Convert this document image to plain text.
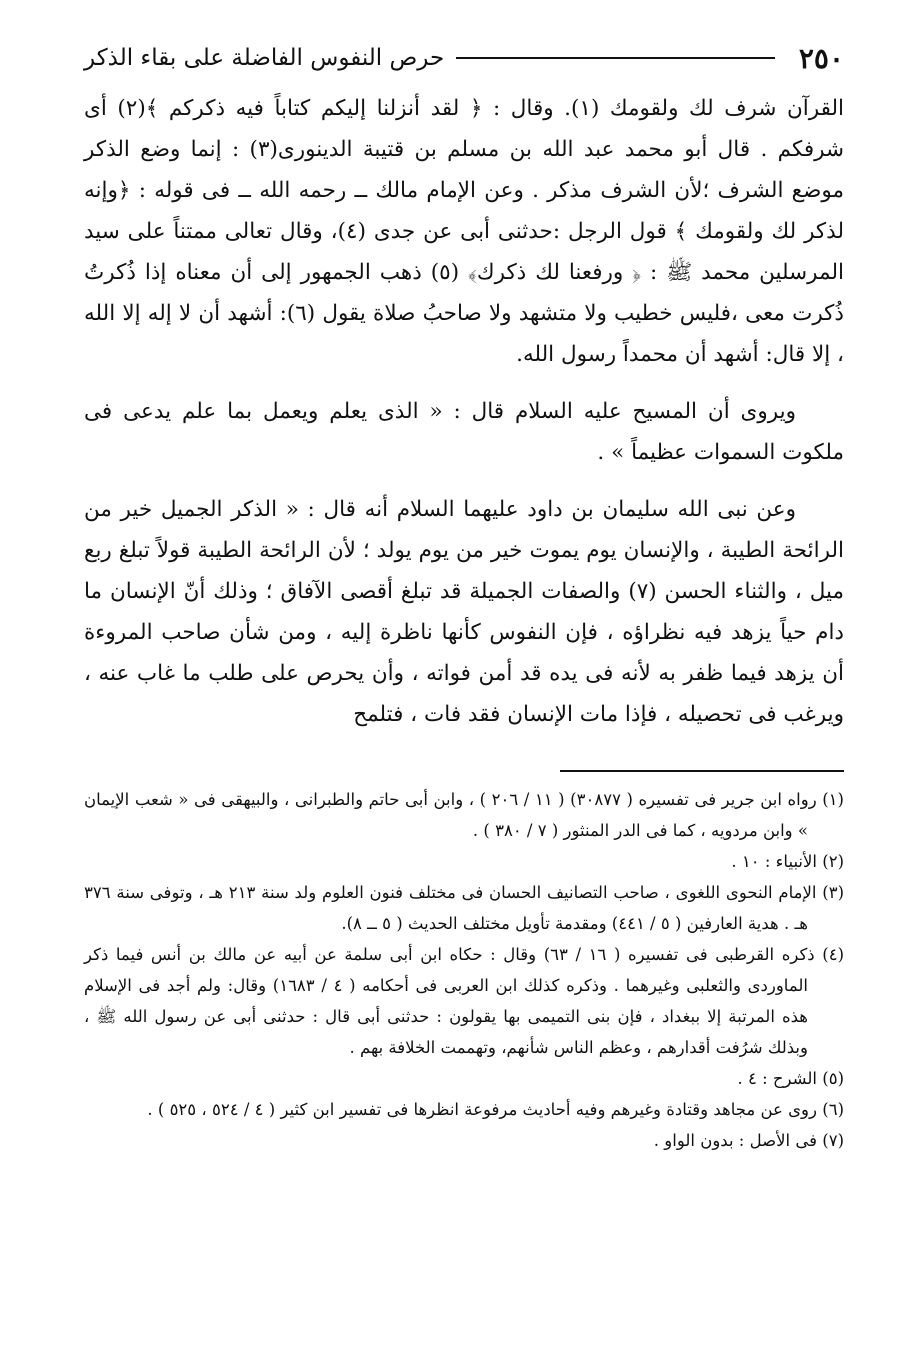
٢٥٠
حرص النفوس الفاضلة على بقاء الذكر

القرآن شرف لك ولقومك (١). وقال : ﴿ لقد أنزلنا إليكم كتاباً فيه ذكركم ﴾(٢) أى شرفكم . قال أبو محمد عبد الله بن مسلم بن قتيبة الدينورى(٣) : إنما وضع الذكر موضع الشرف ؛لأن الشرف مذكر . وعن الإمام مالك ــ رحمه الله ــ فى قوله : ﴿وإنه لذكر لك ولقومك ﴾ قول الرجل :حدثنى أبى عن جدى (٤)، وقال تعالى ممتناً على سيد المرسلين محمد ﷺ : ﴿ ورفعنا لك ذكرك﴾ (٥) ذهب الجمهور إلى أن معناه إذا ذُكرتُ ذُكرت معى ،فليس خطيب ولا متشهد ولا صاحبُ صلاة يقول (٦): أشهد أن لا إله إلا الله ، إلا قال: أشهد أن محمداً رسول الله.

ويروى أن المسيح عليه السلام قال : « الذى يعلم ويعمل بما علم يدعى فى ملكوت السموات عظيماً » .

وعن نبى الله سليمان بن داود عليهما السلام أنه قال : « الذكر الجميل خير من الرائحة الطيبة ، والإنسان يوم يموت خير من يوم يولد ؛ لأن الرائحة الطيبة قولاً تبلغ ربع ميل ، والثناء الحسن (٧) والصفات الجميلة قد تبلغ أقصى الآفاق ؛ وذلك أنّ الإنسان ما دام حياً يزهد فيه نظراؤه ، فإن النفوس كأنها ناظرة إليه ، ومن شأن صاحب المروءة أن يزهد فيما ظفر به لأنه فى يده قد أمن فواته ، وأن يحرص على طلب ما غاب عنه ، ويرغب فى تحصيله ، فإذا مات الإنسان فقد فات ، فتلمح

(١) رواه ابن جرير فى تفسيره ( ٣٠٨٧٧) ( ١١ / ٢٠٦ ) ، وابن أبى حاتم والطبرانى ، والبيهقى فى « شعب الإيمان » وابن مردويه ، كما فى الدر المنثور ( ٧ / ٣٨٠ ) .

(٢) الأنبياء : ١٠ .

(٣) الإمام النحوى اللغوى ، صاحب التصانيف الحسان فى مختلف فنون العلوم ولد سنة ٢١٣ هـ ، وتوفى سنة ٣٧٦ هـ . هدية العارفين ( ٥ / ٤٤١) ومقدمة تأويل مختلف الحديث ( ٥ ــ ٨).

(٤) ذكره القرطبى فى تفسيره ( ١٦ / ٦٣) وقال : حكاه ابن أبى سلمة عن أبيه عن مالك بن أنس فيما ذكر الماوردى والثعلبى وغيرهما . وذكره كذلك ابن العربى فى أحكامه ( ٤ / ١٦٨٣) وقال: ولم أجد فى الإسلام هذه المرتبة إلا ببغداد ، فإن بنى التميمى بها يقولون : حدثنى أبى قال : حدثنى أبى عن رسول الله ﷺ ، وبذلك شرُفت أقدارهم ، وعظم الناس شأنهم، وتهممت الخلافة بهم .

(٥) الشرح : ٤ .

(٦) روى عن مجاهد وقتادة وغيرهم وفيه أحاديث مرفوعة انظرها فى تفسير ابن كثير ( ٤ / ٥٢٤ ، ٥٢٥ ) .

(٧) فى الأصل : بدون الواو .
